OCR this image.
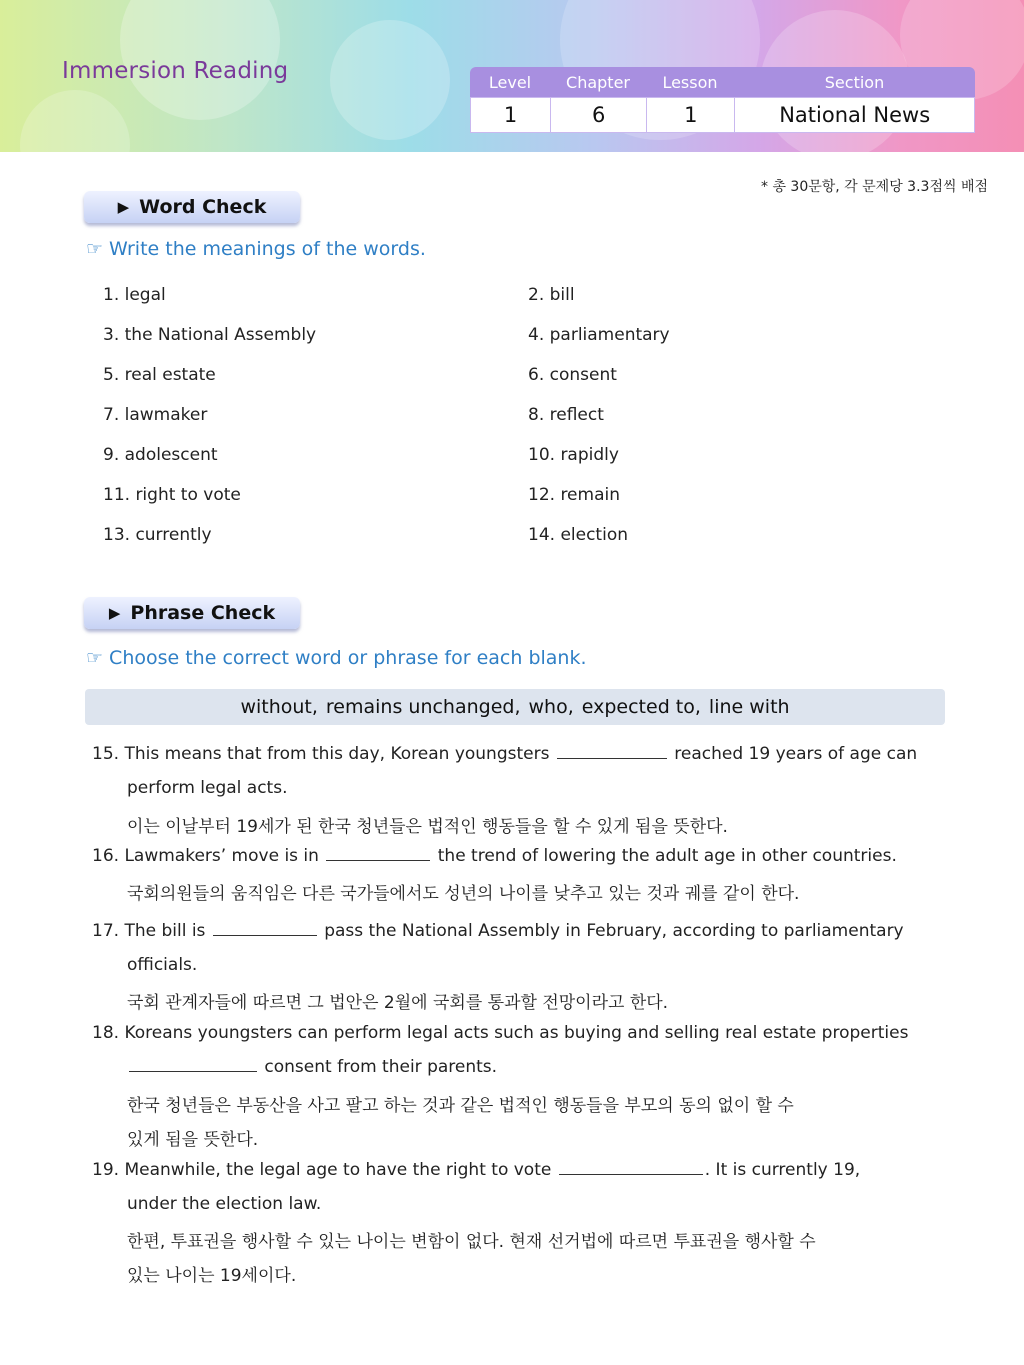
Immersion Reading	Level	Chapter	Lesson	Section
1	6	1	National News
* 총 30문항, 각 문제당 3.3점씩 배점
▶ Word Check
☞ Write the meanings of the words.
1. legal	2. bill
3. the National Assembly	4. parliamentary
5. real estate	6. consent
7. lawmaker	8. reflect
9. adolescent	10. rapidly
11. right to vote	12. remain
13. currently	14. election
▶ Phrase Check
☞ Choose the correct word or phrase for each blank.
without, remains unchanged, who, expected to, line with
15. This means that from this day, Korean youngsters	reached 19 years of age can
perform legal acts.
이는 이날부터 19세가 된 한국 청년들은 법적인 행동들을 할 수 있게 됨을 뜻한다.
16. Lawmakers’ move is in	the trend of lowering the adult age in other countries.
국회의원들의 움직임은 다른 국가들에서도 성년의 나이를 낮추고 있는 것과 궤를 같이 한다.
17. The bill is	pass the National Assembly in February, according to parliamentary
officials.
국회 관계자들에 따르면 그 법안은 2월에 국회를 통과할 전망이라고 한다.
18. Koreans youngsters can perform legal acts such as buying and selling real estate properties
consent from their parents.
한국 청년들은 부동산을 사고 팔고 하는 것과 같은 법적인 행동들을 부모의 동의 없이 할 수
있게 됨을 뜻한다.
19. Meanwhile, the legal age to have the right to vote	. It is currently 19,
under the election law.
한편, 투표권을 행사할 수 있는 나이는 변함이 없다. 현재 선거법에 따르면 투표권을 행사할 수
있는 나이는 19세이다.
